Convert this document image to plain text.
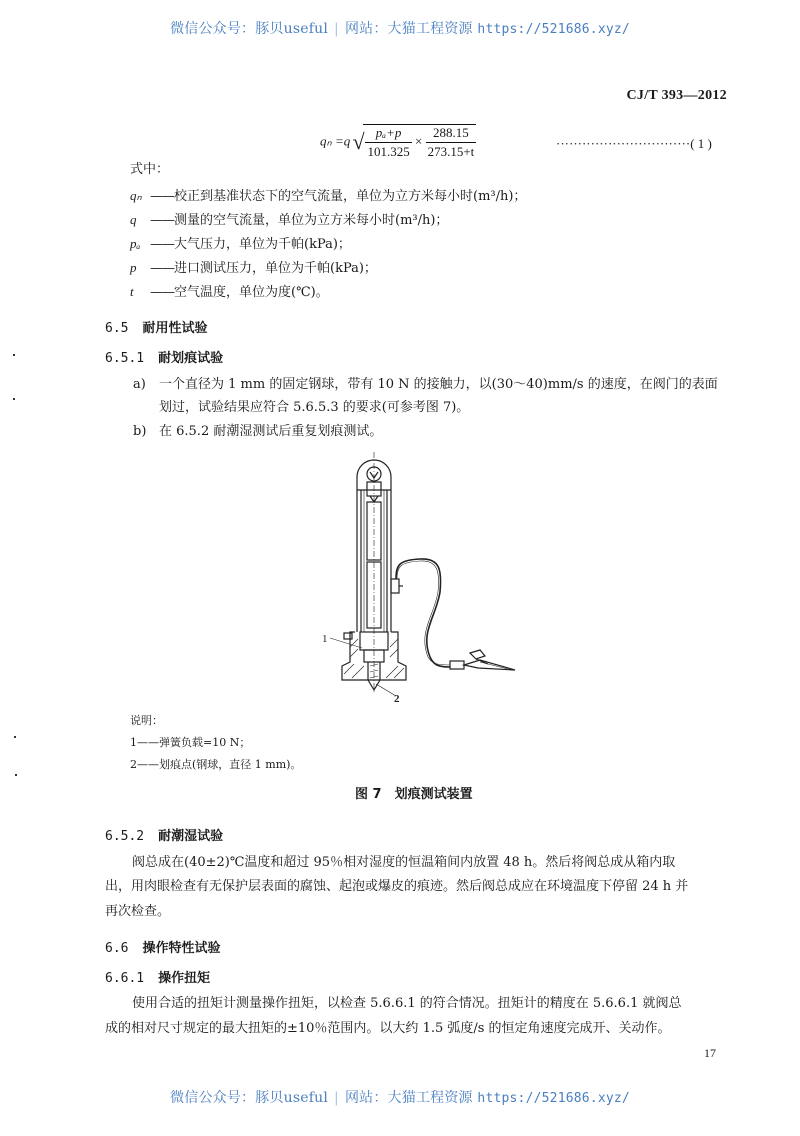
微信公众号：豚贝useful | 网站：大猫工程资源 https://521686.xyz/
CJ/T 393—2012
qₙ =q √ $\frac{\text{pₐ+p}}{101.325} \times \frac{288.15}{273.15+t}$	·······························( 1 )
式中：
qₙ ——校正到基准状态下的空气流量，单位为立方米每小时(m³/h)；
q ——测量的空气流量，单位为立方米每小时(m³/h)；
pₐ ——大气压力，单位为千帕(kPa)；
p ——进口测试压力，单位为千帕(kPa)；
t ——空气温度，单位为度(℃)。
6.5 耐用性试验
6.5.1 耐划痕试验
a) 一个直径为 1 mm 的固定钢球，带有 10 N 的接触力，以(30～40)mm/s 的速度，在阀门的表面
划过，试验结果应符合 5.6.5.3 的要求(可参考图 7)。
b) 在 6.5.2 耐潮湿测试后重复划痕测试。
1
2
说明：
1——弹簧负载=10 N；
2——划痕点(钢球，直径 1 mm)。
图 7　划痕测试装置
6.5.2 耐潮湿试验
阀总成在(40±2)℃温度和超过 95％相对湿度的恒温箱间内放置 48 h。然后将阀总成从箱内取
出，用肉眼检查有无保护层表面的腐蚀、起泡或爆皮的痕迹。然后阀总成应在环境温度下停留 24 h 并
再次检查。
6.6 操作特性试验
6.6.1 操作扭矩
使用合适的扭矩计测量操作扭矩，以检查 5.6.6.1 的符合情况。扭矩计的精度在 5.6.6.1 就阀总
成的相对尺寸规定的最大扭矩的±10％范围内。以大约 1.5 弧度/s 的恒定角速度完成开、关动作。
17
微信公众号：豚贝useful | 网站：大猫工程资源 https://521686.xyz/
